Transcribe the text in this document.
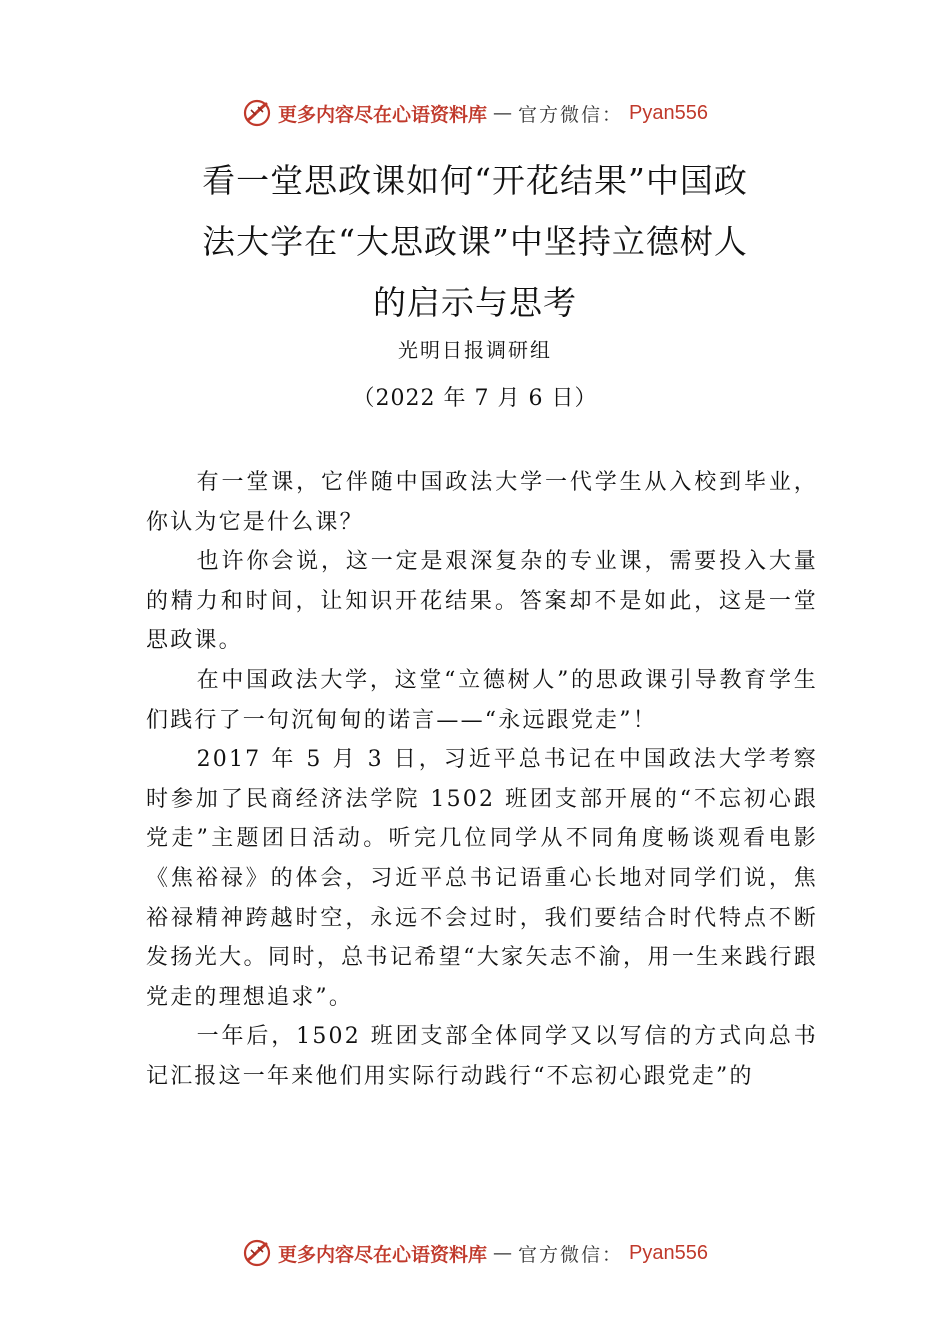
更多内容尽在心语资料库 — 官方微信： Pyan556
看一堂思政课如何“开花结果”中国政
法大学在“大思政课”中坚持立德树人
的启示与思考
光明日报调研组
（2022 年 7 月 6 日）

有一堂课，它伴随中国政法大学一代学生从入校到毕业，你认为它是什么课？

也许你会说，这一定是艰深复杂的专业课，需要投入大量的精力和时间，让知识开花结果。答案却不是如此，这是一堂思政课。

在中国政法大学，这堂“立德树人”的思政课引导教育学生们践行了一句沉甸甸的诺言——“永远跟党走”！

2017 年 5 月 3 日，习近平总书记在中国政法大学考察时参加了民商经济法学院 1502 班团支部开展的“不忘初心跟党走”主题团日活动。听完几位同学从不同角度畅谈观看电影《焦裕禄》的体会，习近平总书记语重心长地对同学们说，焦裕禄精神跨越时空，永远不会过时，我们要结合时代特点不断发扬光大。同时，总书记希望“大家矢志不渝，用一生来践行跟党走的理想追求”。

一年后，1502 班团支部全体同学又以写信的方式向总书记汇报这一年来他们用实际行动践行“不忘初心跟党走”的

更多内容尽在心语资料库 — 官方微信： Pyan556
